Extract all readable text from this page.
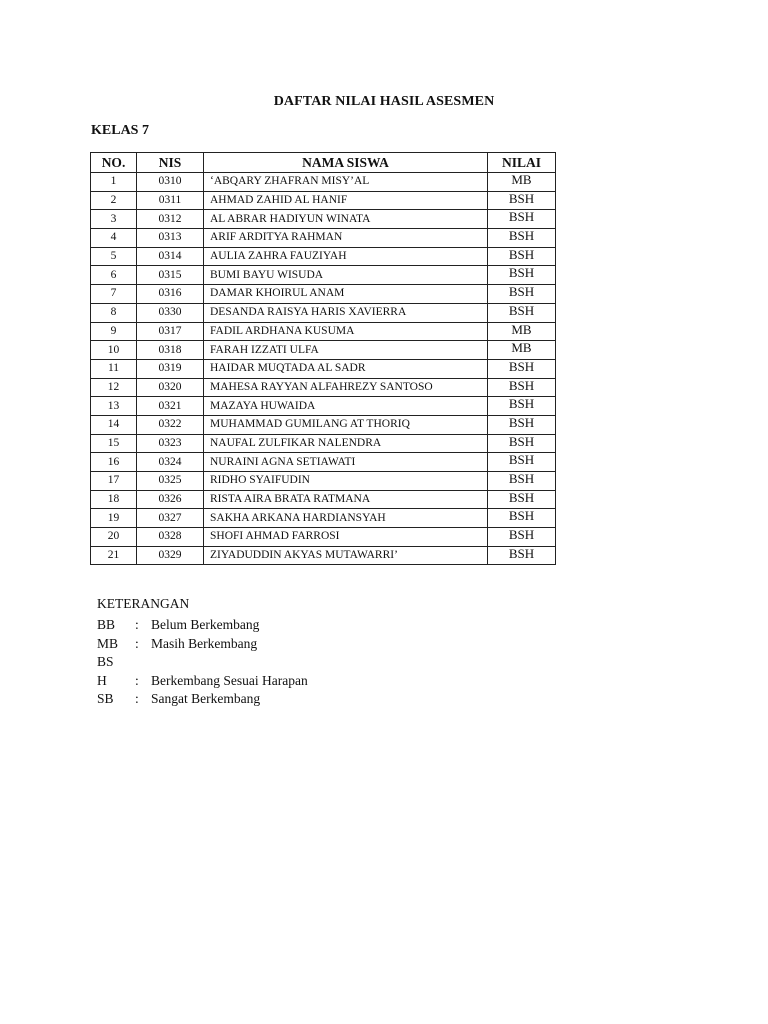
DAFTAR NILAI HASIL ASESMEN
KELAS 7
NO.	NIS	NAMA SISWA	NILAI
1	0310	‘ABQARY ZHAFRAN MISY’AL	MB
2	0311	AHMAD ZAHID AL HANIF	BSH
3	0312	AL ABRAR HADIYUN WINATA	BSH
4	0313	ARIF ARDITYA RAHMAN	BSH
5	0314	AULIA ZAHRA FAUZIYAH	BSH
6	0315	BUMI BAYU WISUDA	BSH
7	0316	DAMAR KHOIRUL ANAM	BSH
8	0330	DESANDA RAISYA HARIS XAVIERRA	BSH
9	0317	FADIL ARDHANA KUSUMA	MB
10	0318	FARAH IZZATI ULFA	MB
11	0319	HAIDAR MUQTADA AL SADR	BSH
12	0320	MAHESA RAYYAN ALFAHREZY SANTOSO	BSH
13	0321	MAZAYA HUWAIDA	BSH
14	0322	MUHAMMAD GUMILANG AT THORIQ	BSH
15	0323	NAUFAL ZULFIKAR NALENDRA	BSH
16	0324	NURAINI AGNA SETIAWATI	BSH
17	0325	RIDHO SYAIFUDIN	BSH
18	0326	RISTA AIRA BRATA RATMANA	BSH
19	0327	SAKHA ARKANA HARDIANSYAH	BSH
20	0328	SHOFI AHMAD FARROSI	BSH
21	0329	ZIYADUDDIN AKYAS MUTAWARRI’	BSH
KETERANGAN
BB : Belum Berkembang
MB : Masih Berkembang
BS
H : Berkembang Sesuai Harapan
SB : Sangat Berkembang
